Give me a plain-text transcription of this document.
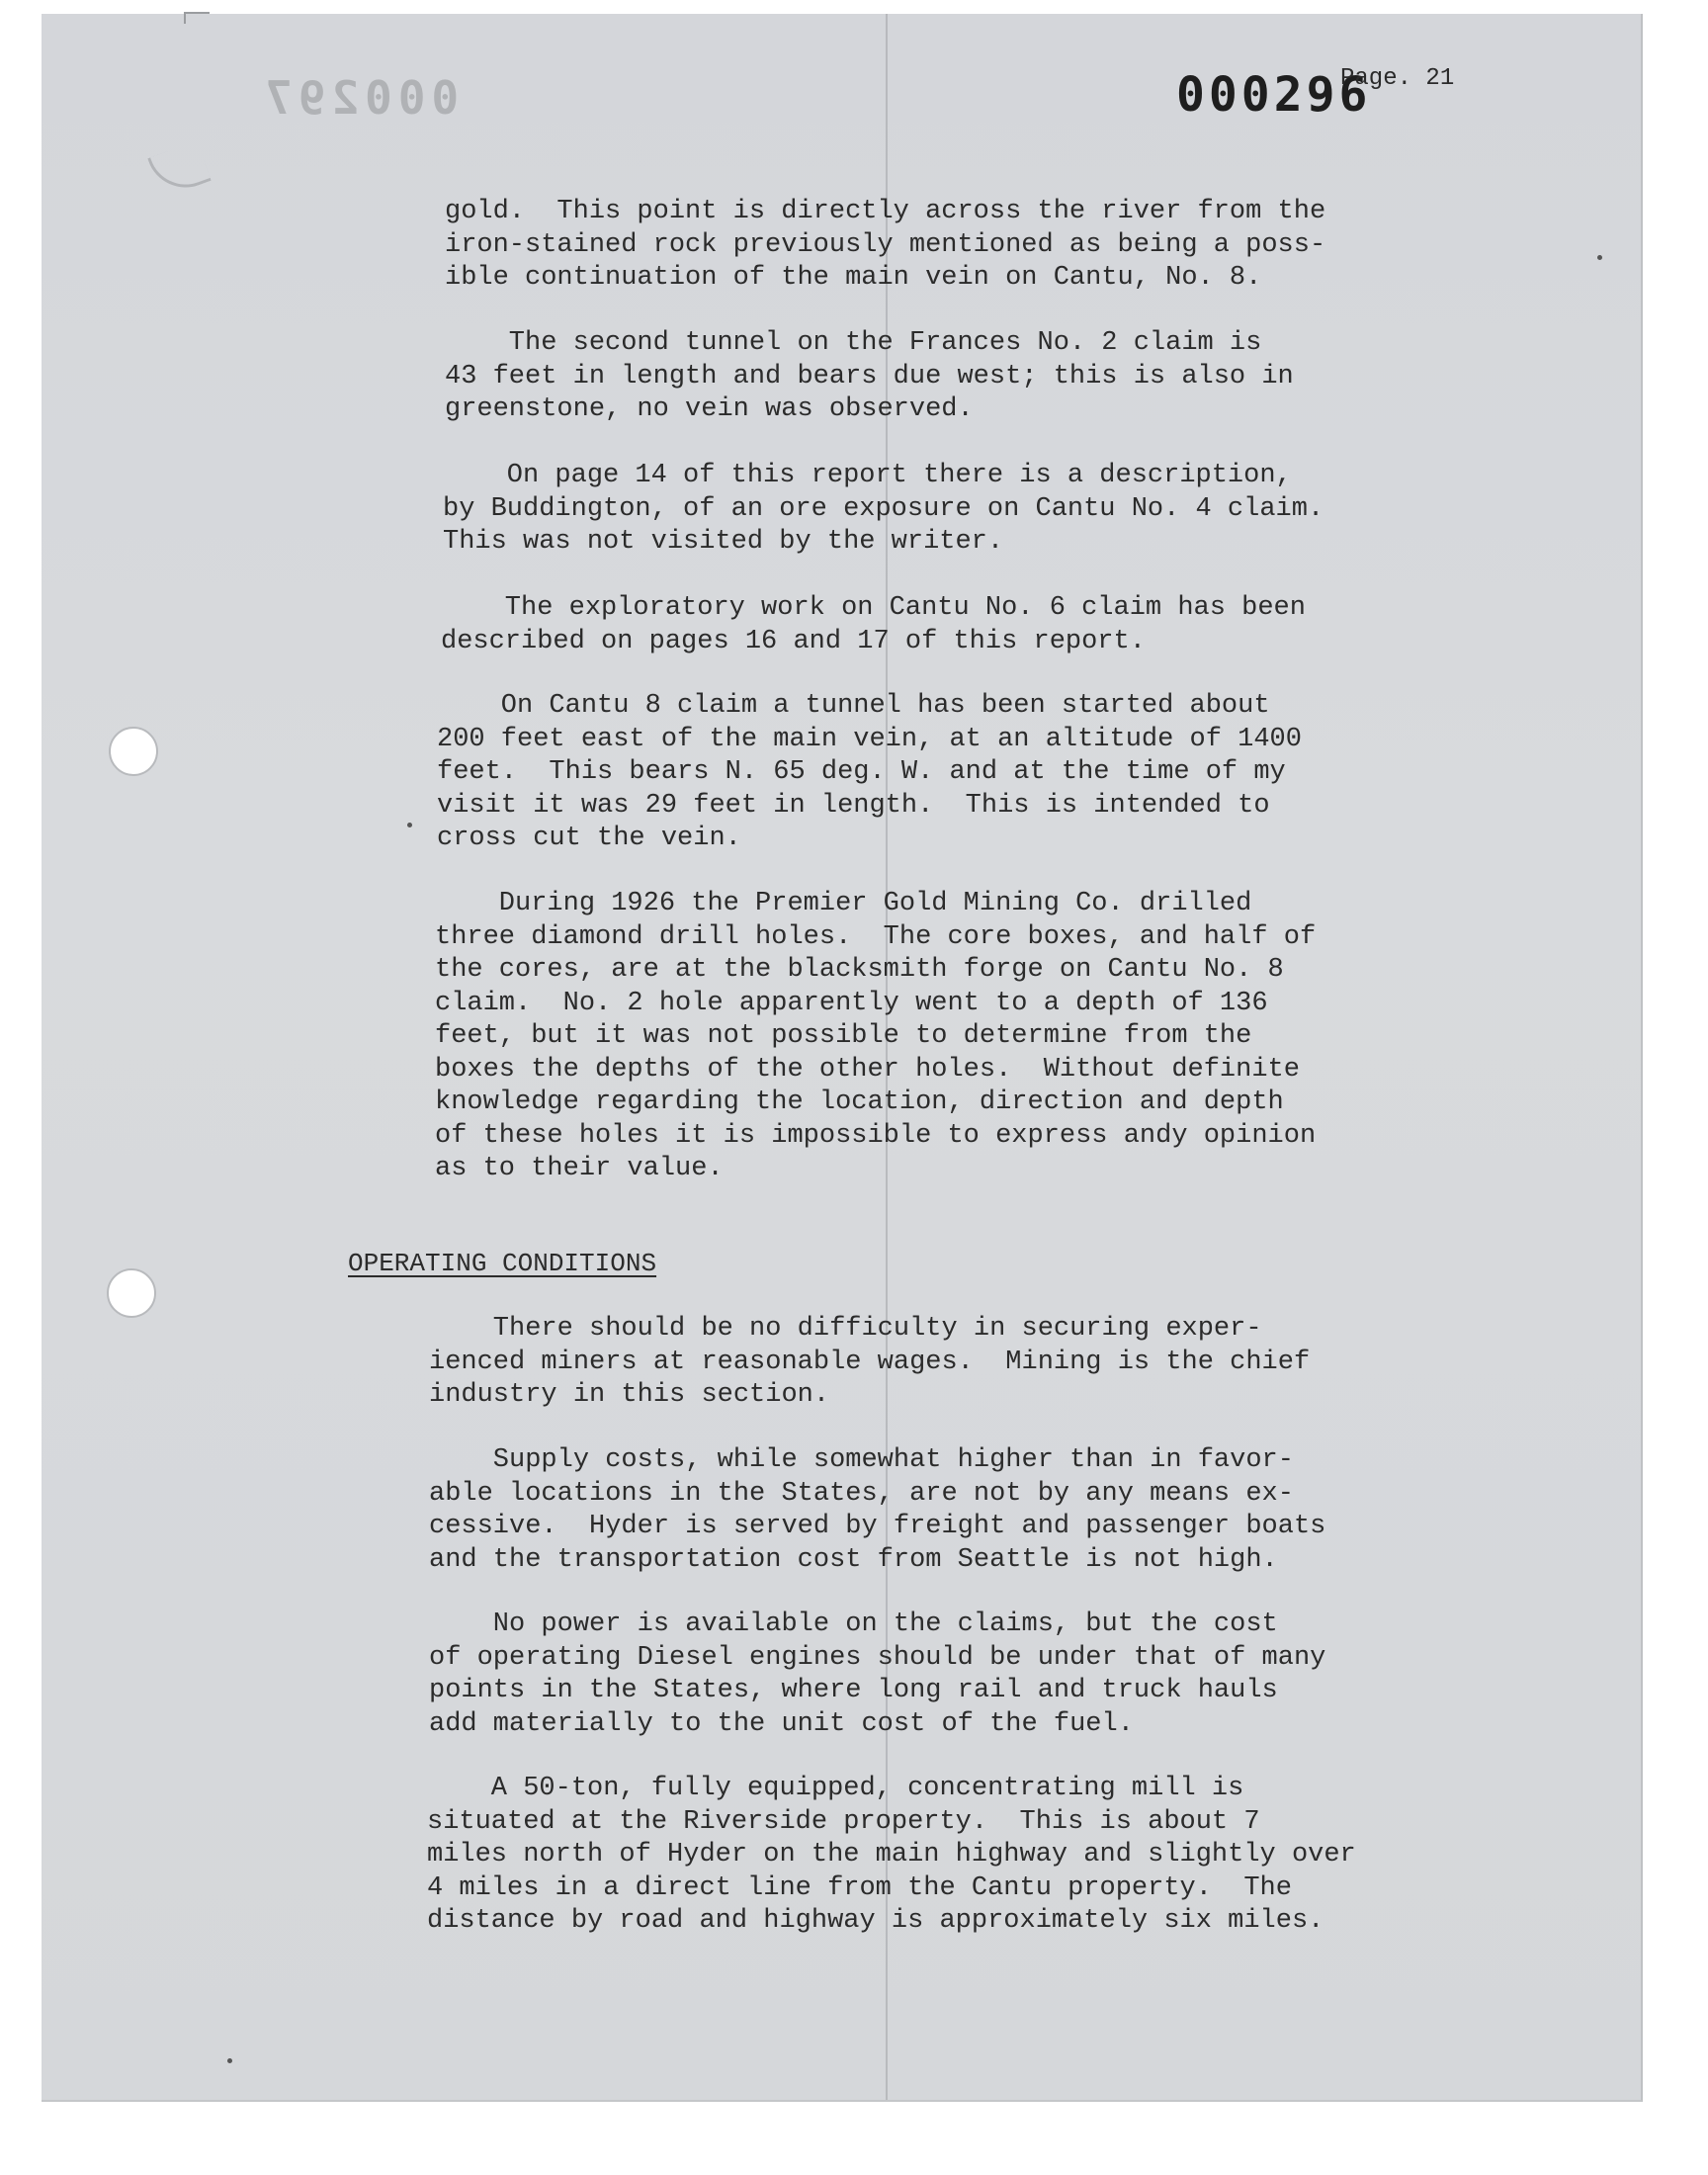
000297	000296
Page. 21

gold.  This point is directly across the river from the
iron-stained rock previously mentioned as being a poss-
ible continuation of the main vein on Cantu, No. 8.

The second tunnel on the Frances No. 2 claim is
43 feet in length and bears due west; this is also in
greenstone, no vein was observed.

On page 14 of this report there is a description,
by Buddington, of an ore exposure on Cantu No. 4 claim.
This was not visited by the writer.

The exploratory work on Cantu No. 6 claim has been
described on pages 16 and 17 of this report.

On Cantu 8 claim a tunnel has been started about
200 feet east of the main vein, at an altitude of 1400
feet.  This bears N. 65 deg. W. and at the time of my
visit it was 29 feet in length.  This is intended to
cross cut the vein.

During 1926 the Premier Gold Mining Co. drilled
three diamond drill holes.  The core boxes, and half of
the cores, are at the blacksmith forge on Cantu No. 8
claim.  No. 2 hole apparently went to a depth of 136
feet, but it was not possible to determine from the
boxes the depths of the other holes.  Without definite
knowledge regarding the location, direction and depth
of these holes it is impossible to express andy opinion
as to their value.

OPERATING CONDITIONS

There should be no difficulty in securing exper-
ienced miners at reasonable wages.  Mining is the chief
industry in this section.

Supply costs, while somewhat higher than in favor-
able locations in the States, are not by any means ex-
cessive.  Hyder is served by freight and passenger boats
and the transportation cost from Seattle is not high.

No power is available on the claims, but the cost
of operating Diesel engines should be under that of many
points in the States, where long rail and truck hauls
add materially to the unit cost of the fuel.

A 50-ton, fully equipped, concentrating mill is
situated at the Riverside property.  This is about 7
miles north of Hyder on the main highway and slightly over
4 miles in a direct line from the Cantu property.  The
distance by road and highway is approximately six miles.
